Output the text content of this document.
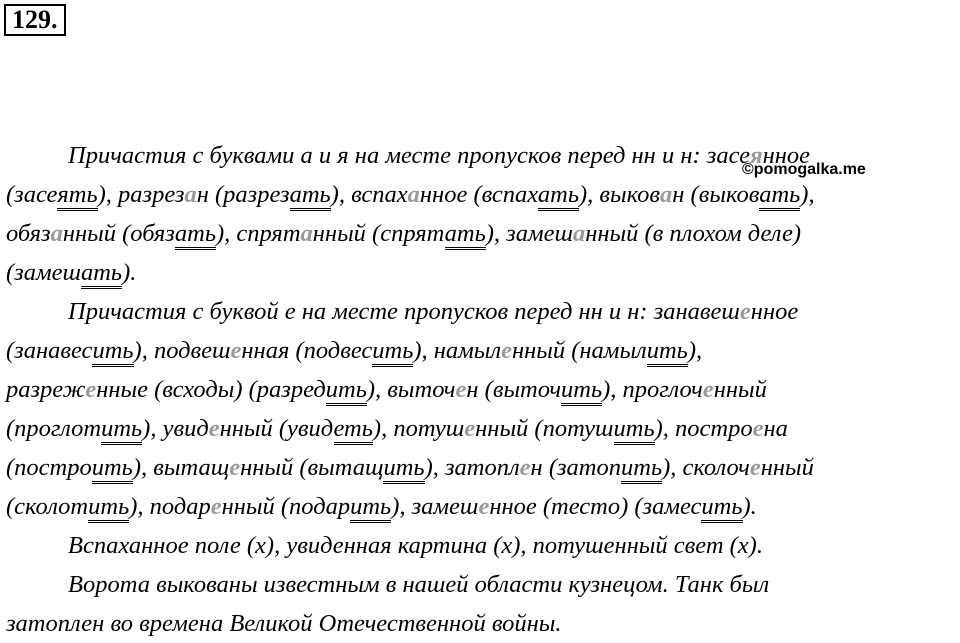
129.
©pomogalka.me
Причастия с буквами а и я на месте пропусков перед нн и н: засеянное
(засеять), разрезан (разрезать), вспаханное (вспахать), выкован (выковать),
обязанный (обязать), спрятанный (спрятать), замешанный (в плохом деле)
(замешать).
Причастия с буквой е на месте пропусков перед нн и н: занавешенное
(занавесить), подвешенная (подвесить), намыленный (намылить),
разреженные (всходы) (разредить), выточен (выточить), проглоченный
(проглотить), увиденный (увидеть), потушенный (потушить), построена
(построить), вытащенный (вытащить), затоплен (затопить), сколоченный
(сколотить), подаренный (подарить), замешенное (тесто) (замесить).
Вспаханное поле (х), увиденная картина (х), потушенный свет (х).
Ворота выкованы известным в нашей области кузнецом. Танк был
затоплен во времена Великой Отечественной войны.
